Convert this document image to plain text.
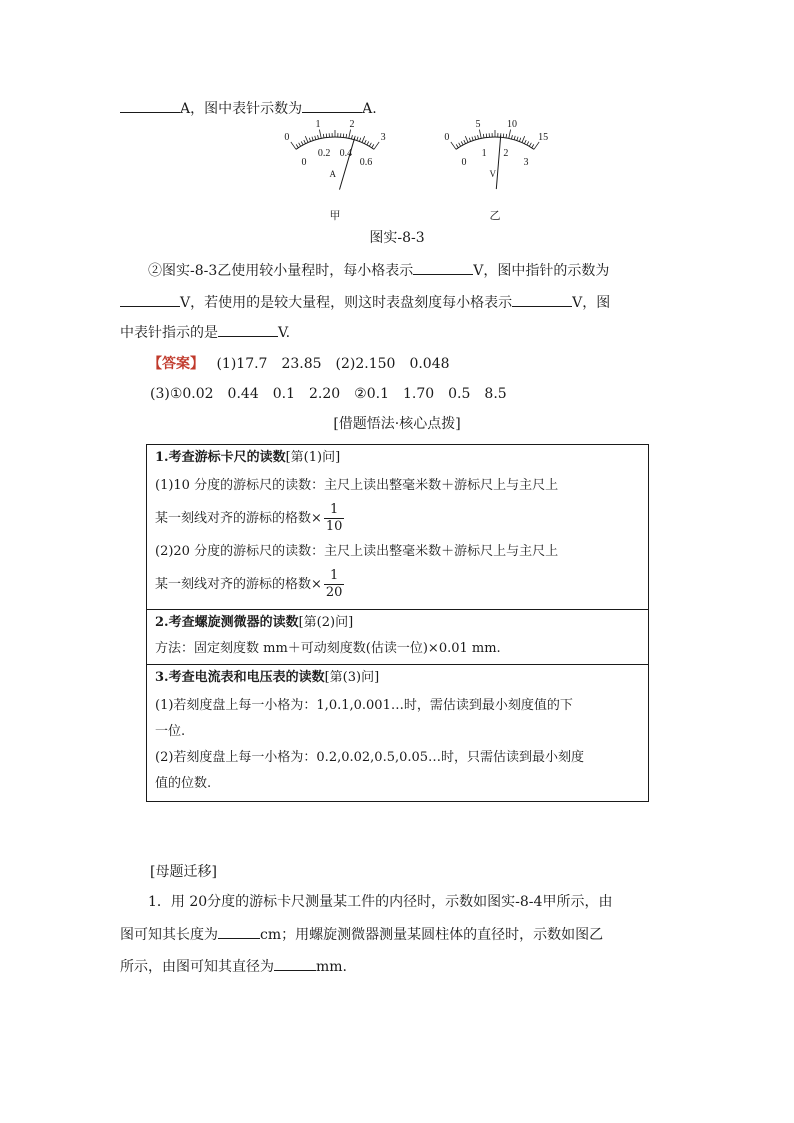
A，图中表针示数为	A.
0
1	2
3
0
0.2 0.4
0.6
A
甲
0
5	10
15
0
1 2
3
V
乙
图实-8-3
②图实-8-3乙使用较小量程时，每小格表示	V，图中指针的示数为
V，若使用的是较大量程，则这时表盘刻度每小格表示	V，图
中表针指示的是	V.
【答案】 (1)17.7　23.85　(2)2.150　0.048
(3)①0.02　0.44　0.1　2.20　②0.1　1.70　0.5　8.5
[借题悟法·核心点拨]
1.考查游标卡尺的读数[第(1)问]
(1)10 分度的游标尺的读数：主尺上读出整毫米数＋游标尺上与主尺上
某一刻线对齐的游标的格数× $\frac{1}{10}$
(2)20 分度的游标尺的读数：主尺上读出整毫米数＋游标尺上与主尺上
某一刻线对齐的游标的格数× $\frac{1}{20}$

2.考查螺旋测微器的读数[第(2)问]
方法：固定刻度数 mm＋可动刻度数(估读一位)×0.01 mm.

3.考查电流表和电压表的读数[第(3)问]
(1)若刻度盘上每一小格为：1,0.1,0.001…时，需估读到最小刻度值的下
一位.
(2)若刻度盘上每一小格为：0.2,0.02,0.5,0.05…时，只需估读到最小刻度
值的位数.
[母题迁移]
1．用 20分度的游标卡尺测量某工件的内径时，示数如图实-8-4甲所示，由
图可知其长度为	cm；用螺旋测微器测量某圆柱体的直径时，示数如图乙
所示，由图可知其直径为	mm.
